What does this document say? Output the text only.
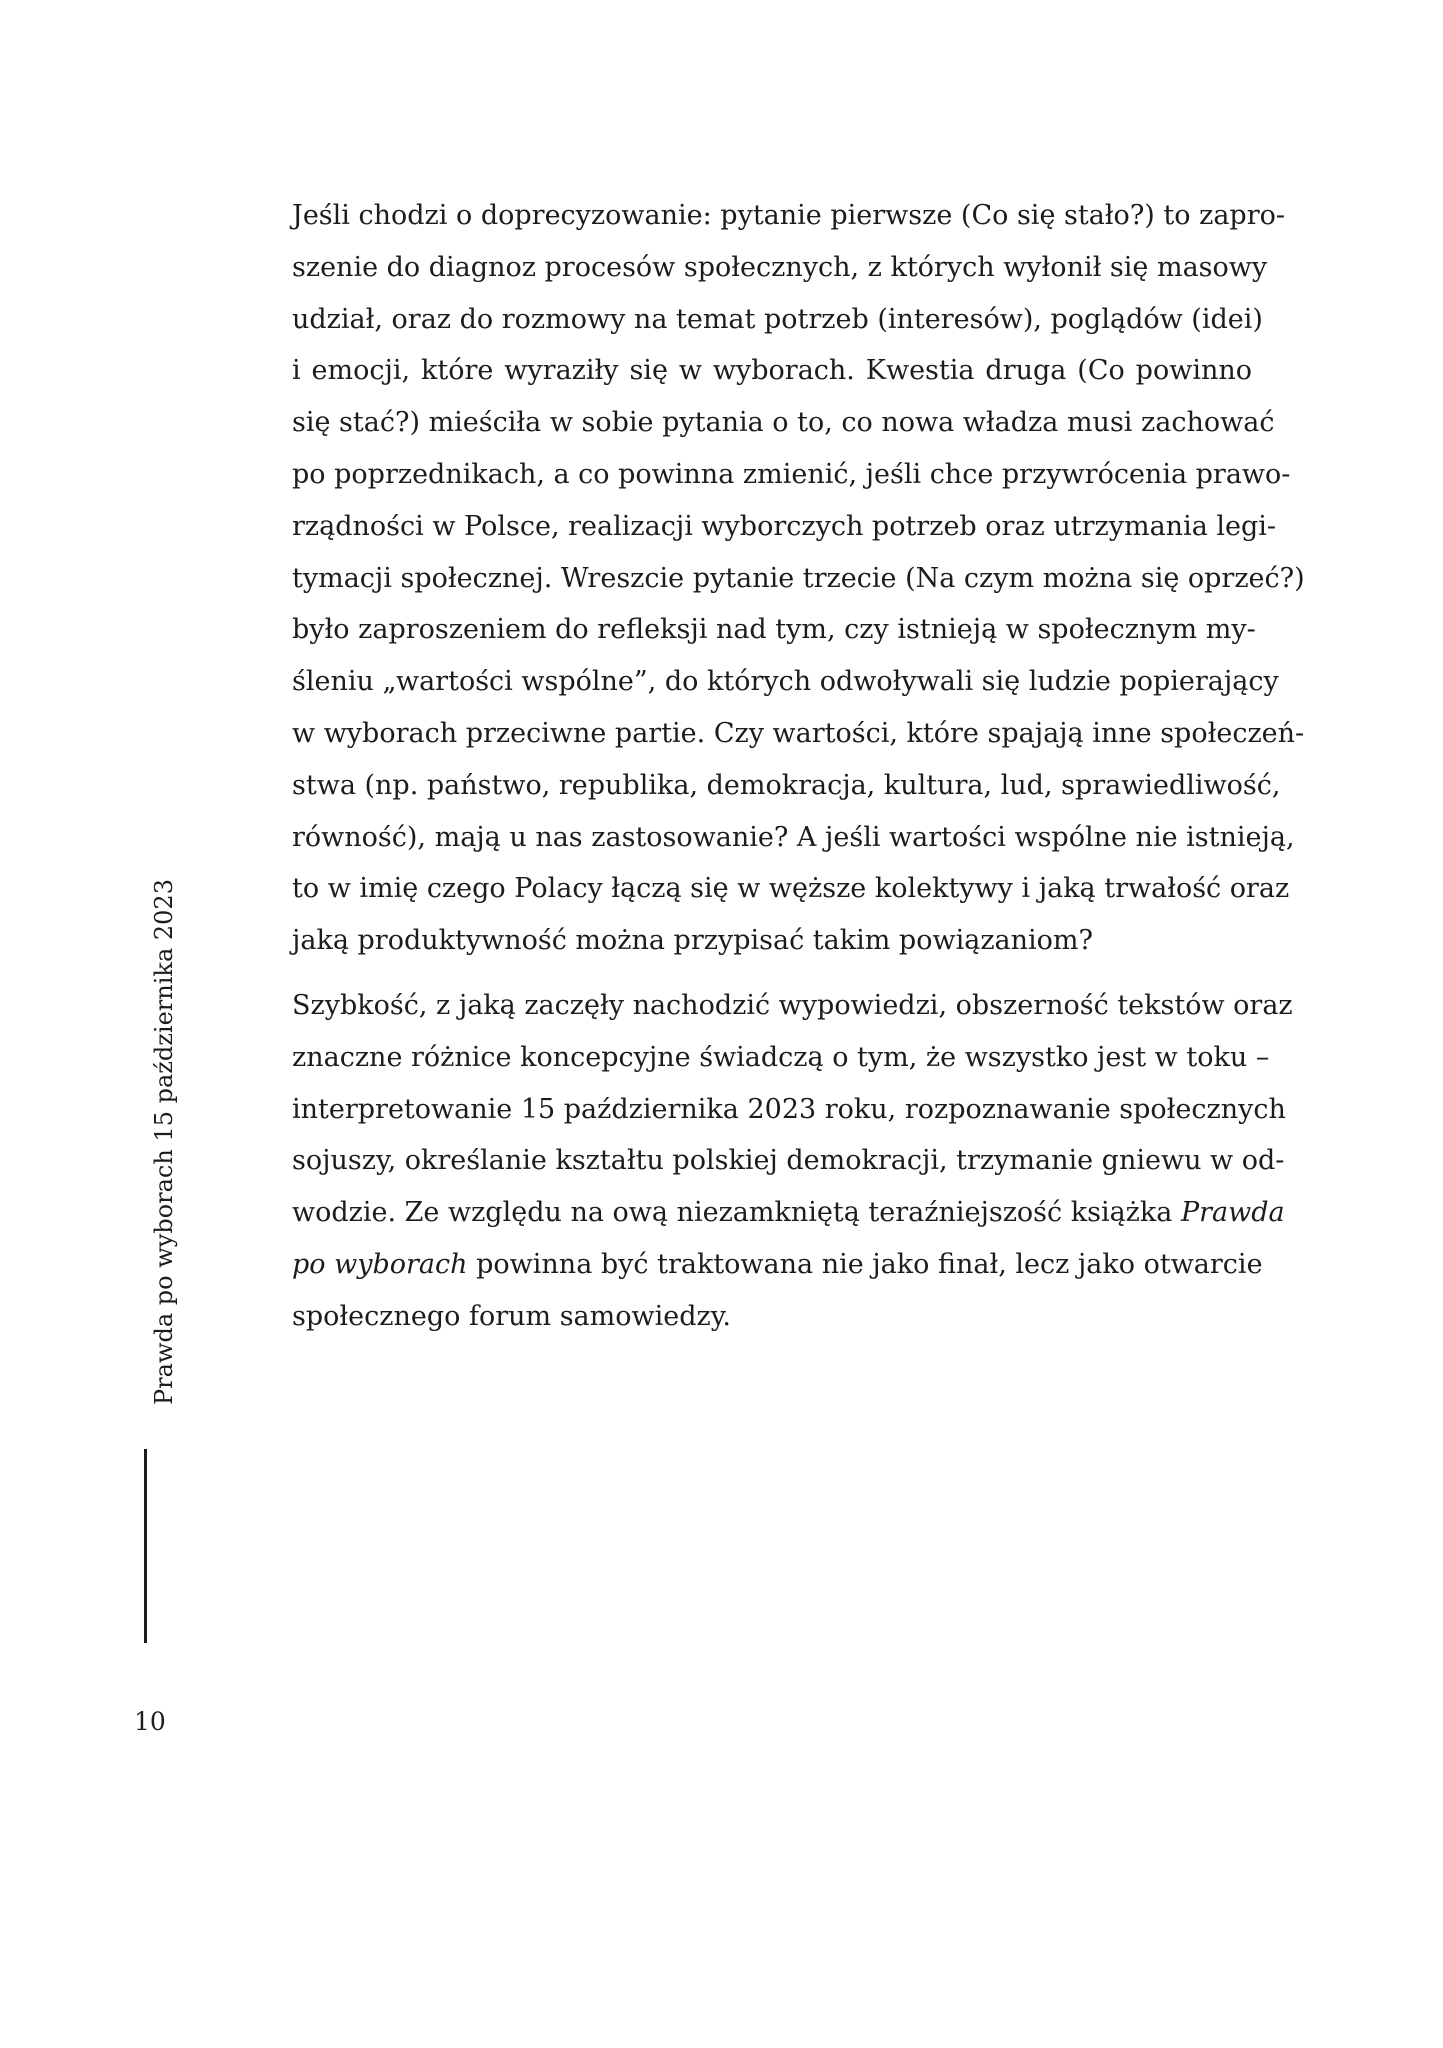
Jeśli chodzi o doprecyzowanie: pytanie pierwsze (Co się stało?) to zapro-
szenie do diagnoz procesów społecznych, z których wyłonił się masowy
udział, oraz do rozmowy na temat potrzeb (interesów), poglądów (idei)
i emocji, które wyraziły się w wyborach. Kwestia druga (Co powinno
się stać?) mieściła w sobie pytania o to, co nowa władza musi zachować
po poprzednikach, a co powinna zmienić, jeśli chce przywrócenia prawo-
rządności w Polsce, realizacji wyborczych potrzeb oraz utrzymania legi-
tymacji społecznej. Wreszcie pytanie trzecie (Na czym można się oprzeć?)
było zaproszeniem do refleksji nad tym, czy istnieją w społecznym my-
śleniu „wartości wspólne”, do których odwoływali się ludzie popierający
w wyborach przeciwne partie. Czy wartości, które spajają inne społeczeń-
stwa (np. państwo, republika, demokracja, kultura, lud, sprawiedliwość,
równość), mają u nas zastosowanie? A jeśli wartości wspólne nie istnieją,
to w imię czego Polacy łączą się w węższe kolektywy i jaką trwałość oraz
jaką produktywność można przypisać takim powiązaniom?
Szybkość, z jaką zaczęły nachodzić wypowiedzi, obszerność tekstów oraz
znaczne różnice koncepcyjne świadczą o tym, że wszystko jest w toku –
interpretowanie 15 października 2023 roku, rozpoznawanie społecznych
sojuszy, określanie kształtu polskiej demokracji, trzymanie gniewu w od-
wodzie. Ze względu na ową niezamkniętą teraźniejszość książka Prawda
po wyborach powinna być traktowana nie jako finał, lecz jako otwarcie
społecznego forum samowiedzy.
Prawda po wyborach 15 października 2023
10
